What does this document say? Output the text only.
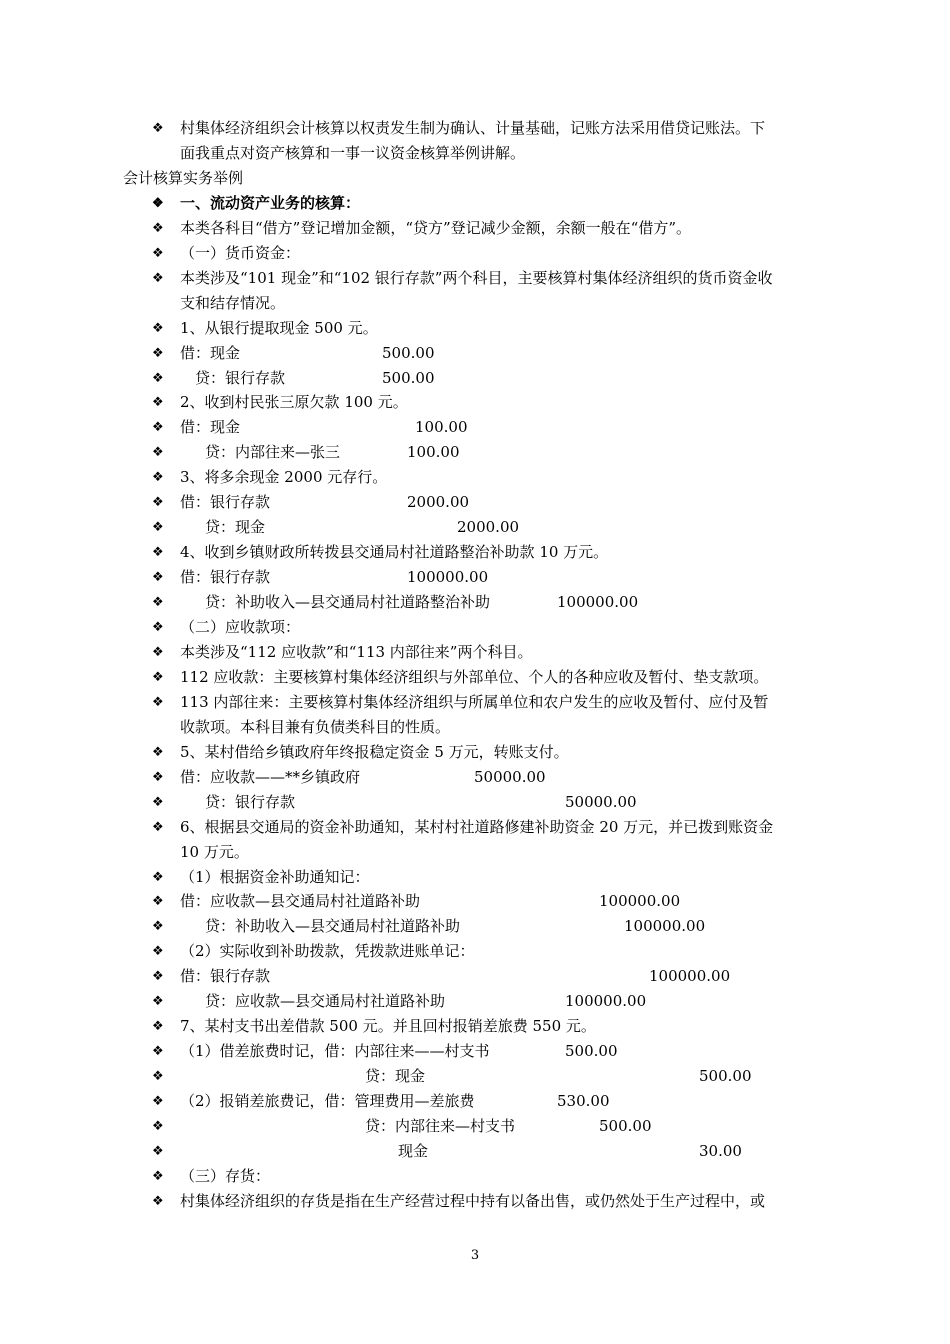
❖ 村集体经济组织会计核算以权责发生制为确认、计量基础，记账方法采用借贷记账法。下
面我重点对资产核算和一事一议资金核算举例讲解。
会计核算实务举例
❖ 一、流动资产业务的核算：
❖ 本类各科目“借方”登记增加金额，“贷方”登记减少金额，余额一般在“借方”。
❖ （一）货币资金：
❖ 本类涉及“101 现金”和“102 银行存款”两个科目，主要核算村集体经济组织的货币资金收
支和结存情况。
❖ 1、从银行提取现金 500 元。
❖ 借：现金	500.00
❖ 贷：银行存款	500.00
❖ 2、收到村民张三原欠款 100 元。
❖ 借：现金	100.00
❖	贷：内部往来—张三	100.00
❖ 3、将多余现金 2000 元存行。
❖ 借：银行存款	2000.00
❖	贷：现金	2000.00
❖ 4、收到乡镇财政所转拨县交通局村社道路整治补助款 10 万元。
❖ 借：银行存款	100000.00
❖	贷：补助收入—县交通局村社道路整治补助	100000.00
❖ （二）应收款项：
❖ 本类涉及“112 应收款”和“113 内部往来”两个科目。
❖ 112 应收款：主要核算村集体经济组织与外部单位、个人的各种应收及暂付、垫支款项。
❖ 113 内部往来：主要核算村集体经济组织与所属单位和农户发生的应收及暂付、应付及暂
收款项。本科目兼有负债类科目的性质。
❖ 5、某村借给乡镇政府年终报稳定资金 5 万元，转账支付。
❖ 借：应收款——**乡镇政府	50000.00
❖	贷：银行存款	50000.00
❖ 6、根据县交通局的资金补助通知，某村村社道路修建补助资金 20 万元，并已拨到账资金
10 万元。
❖ （1）根据资金补助通知记：
❖ 借：应收款—县交通局村社道路补助	100000.00
❖	贷：补助收入—县交通局村社道路补助	100000.00
❖ （2）实际收到补助拨款，凭拨款进账单记：
❖ 借：银行存款	100000.00
❖	贷：应收款—县交通局村社道路补助	100000.00
❖ 7、某村支书出差借款 500 元。并且回村报销差旅费 550 元。
❖ （1）借差旅费时记，借：内部往来——村支书	500.00
❖	贷：现金	500.00
❖ （2）报销差旅费记，借：管理费用—差旅费	530.00
❖	贷：内部往来—村支书	500.00
❖	现金	30.00
❖ （三）存货：
❖ 村集体经济组织的存货是指在生产经营过程中持有以备出售，或仍然处于生产过程中，或
3
